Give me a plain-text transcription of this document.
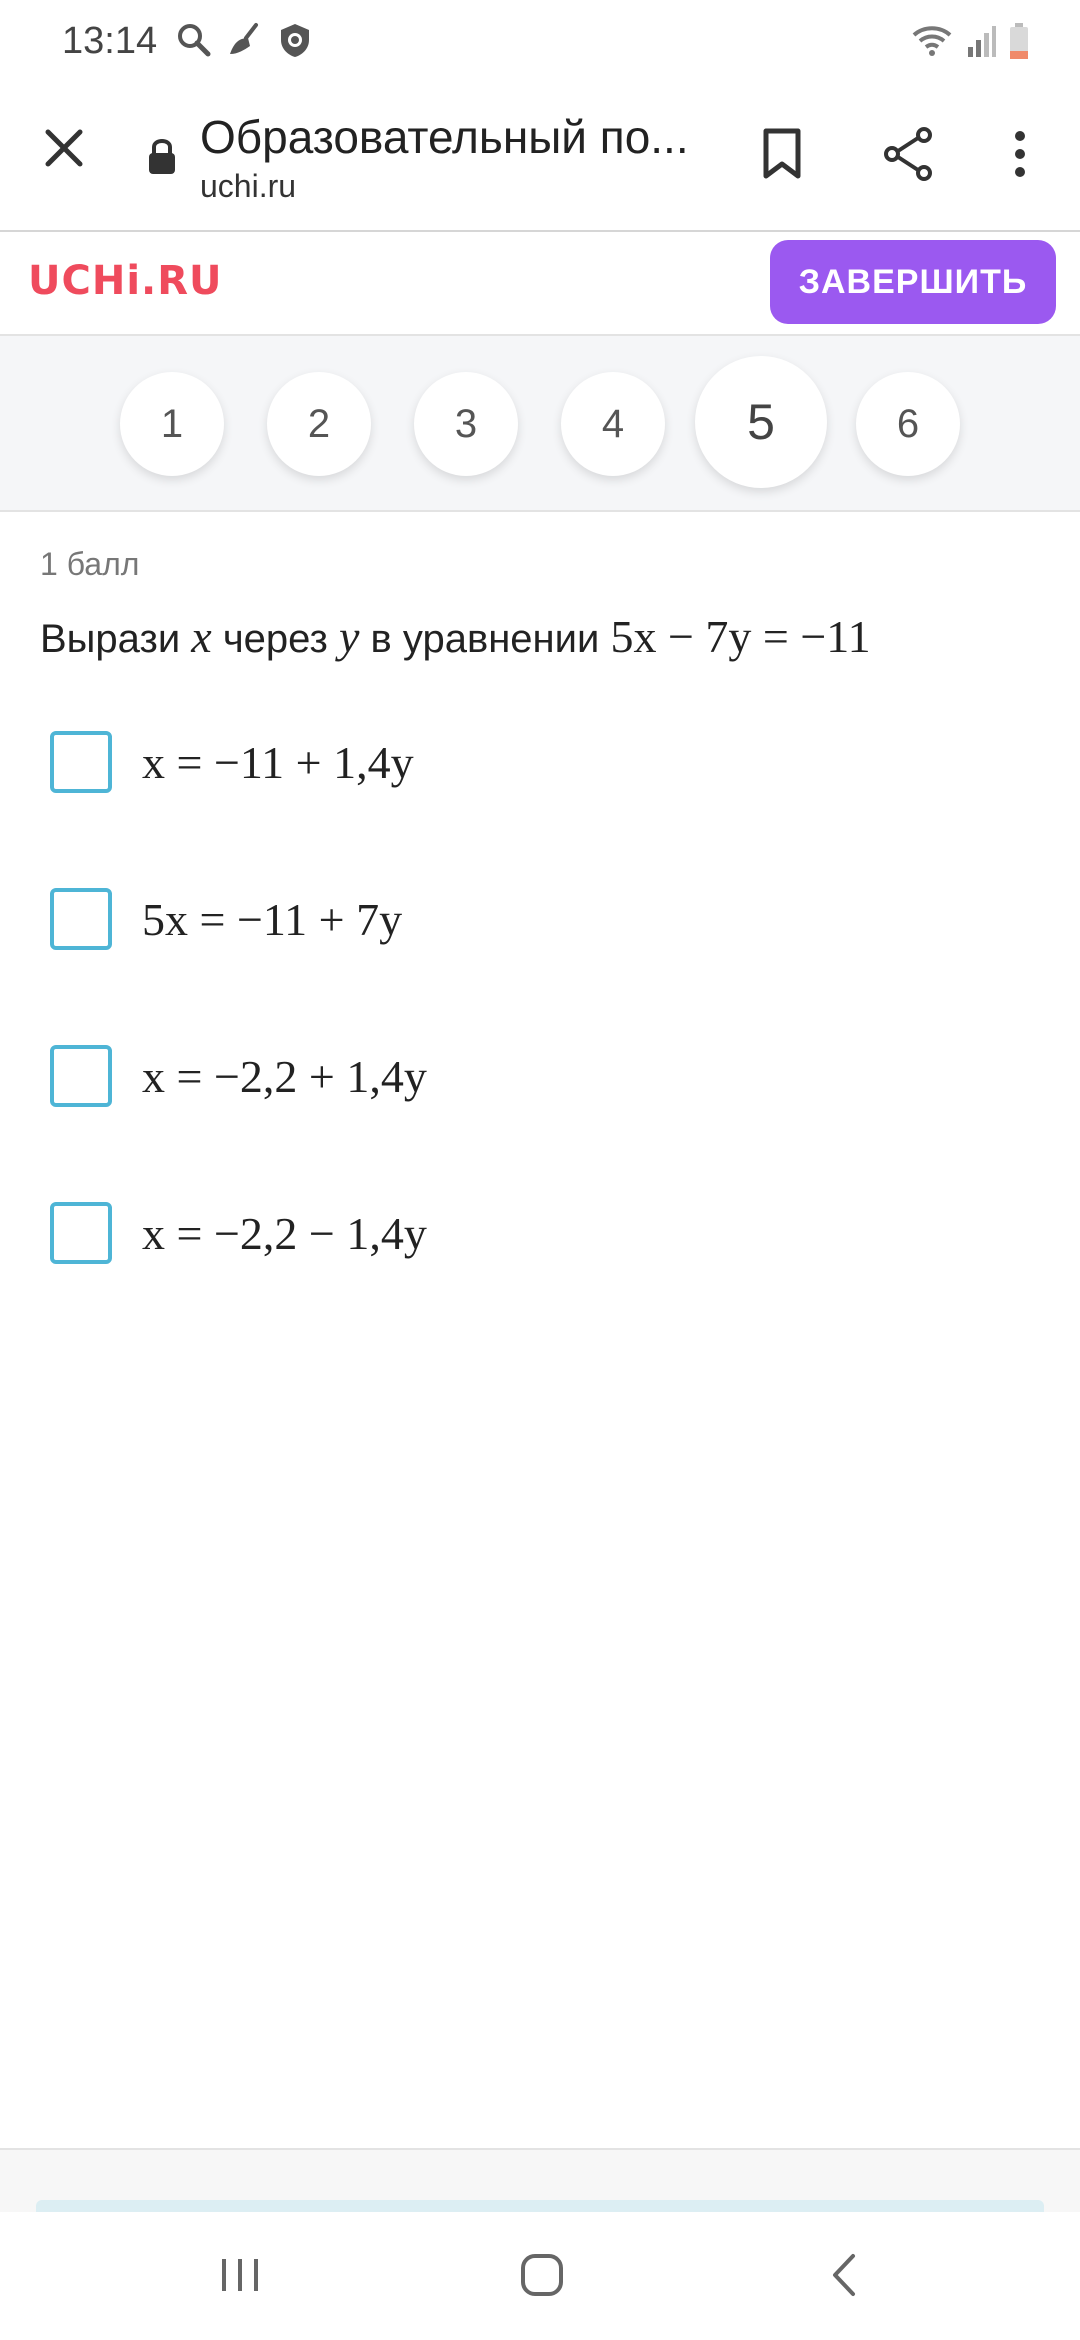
13:14
Образовательный по...
uchi.ru
UCHi.RU	ЗАВЕРШИТЬ
1	2	3	4	5	6
1 балл
Вырази x через y в уравнении 5x − 7y = −11
x = −11 + 1,4y
5x = −11 + 7y
x = −2,2 + 1,4y
x = −2,2 − 1,4y
